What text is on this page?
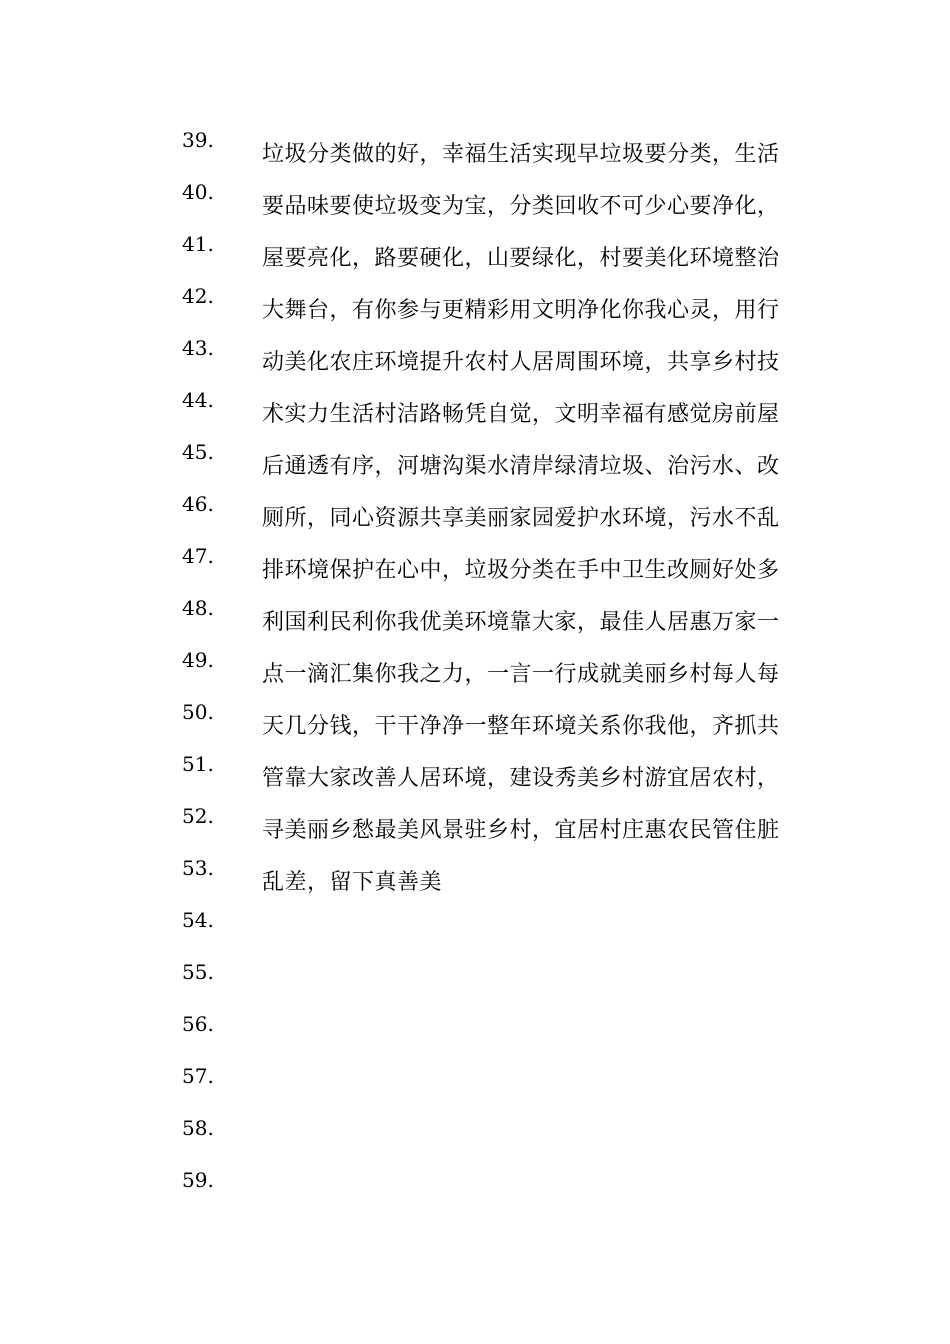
39.
40.
41.
42.
43.
44.
45.
46.
47.
48.
49.
50.
51.
52.
53.
54.
55.
56.
57.
58.
59.
垃圾分类做的好，幸福生活实现早垃圾要分类，生活
要品味要使垃圾变为宝，分类回收不可少心要净化，
屋要亮化，路要硬化，山要绿化，村要美化环境整治
大舞台，有你参与更精彩用文明净化你我心灵，用行
动美化农庄环境提升农村人居周围环境，共享乡村技
术实力生活村洁路畅凭自觉，文明幸福有感觉房前屋
后通透有序，河塘沟渠水清岸绿清垃圾、治污水、改
厕所，同心资源共享美丽家园爱护水环境，污水不乱
排环境保护在心中，垃圾分类在手中卫生改厕好处多
利国利民利你我优美环境靠大家，最佳人居惠万家一
点一滴汇集你我之力，一言一行成就美丽乡村每人每
天几分钱，干干净净一整年环境关系你我他，齐抓共
管靠大家改善人居环境，建设秀美乡村游宜居农村，
寻美丽乡愁最美风景驻乡村，宜居村庄惠农民管住脏
乱差，留下真善美
